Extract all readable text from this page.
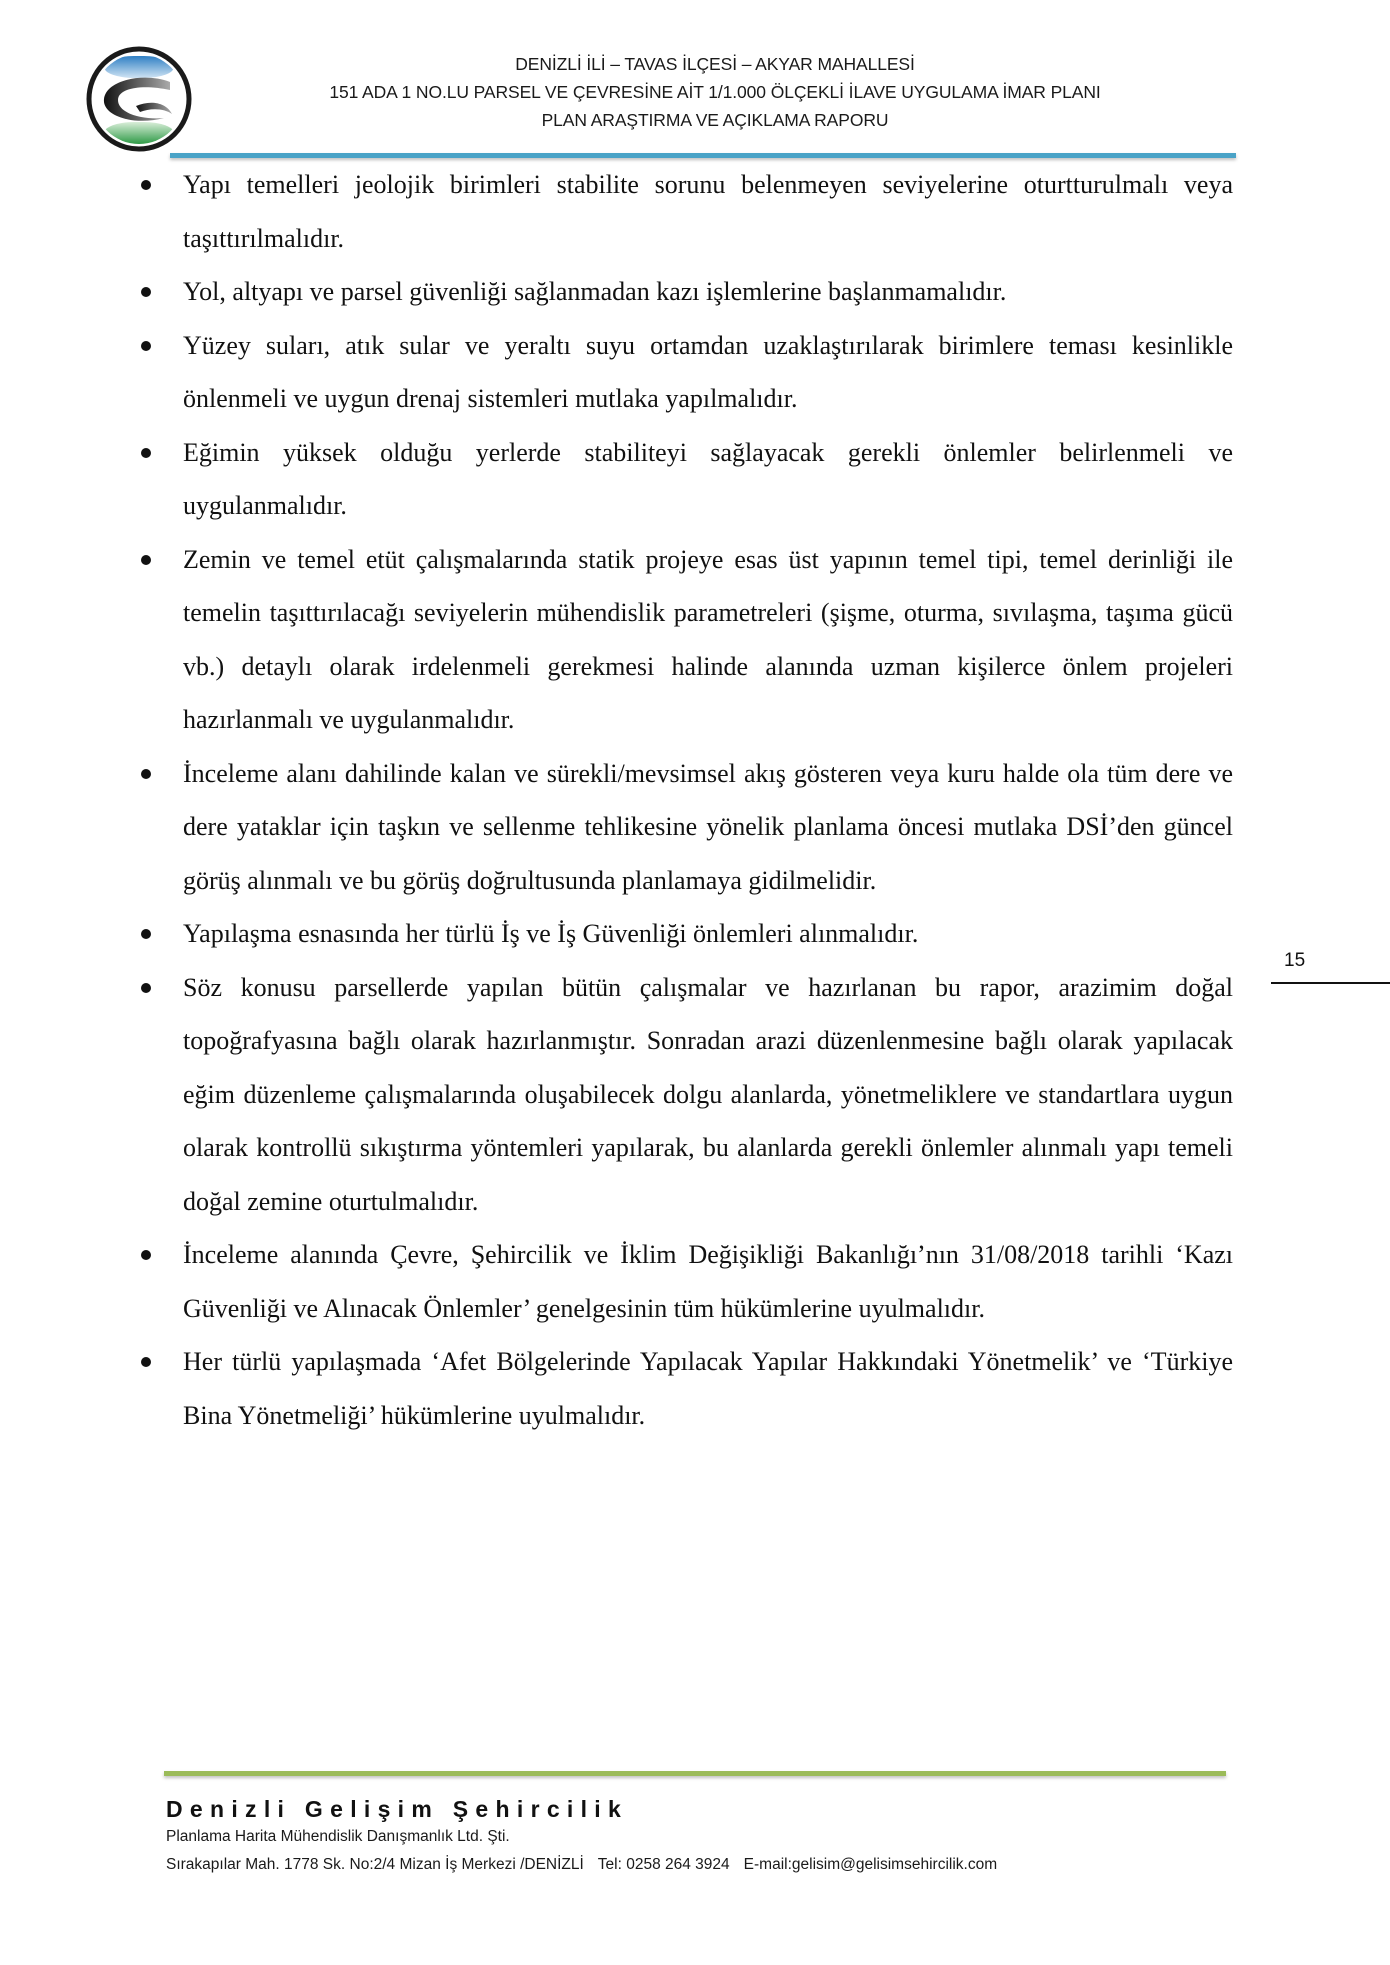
DENİZLİ İLİ – TAVAS İLÇESİ – AKYAR MAHALLESİ
151 ADA 1 NO.LU PARSEL VE ÇEVRESİNE AİT 1/1.000 ÖLÇEKLİ İLAVE UYGULAMA İMAR PLANI
PLAN ARAŞTIRMA VE AÇIKLAMA RAPORU
Yapı temelleri jeolojik birimleri stabilite sorunu belenmeyen seviyelerine oturtturulmalı veya taşıttırılmalıdır.
Yol, altyapı ve parsel güvenliği sağlanmadan kazı işlemlerine başlanmamalıdır.
Yüzey suları, atık sular ve yeraltı suyu ortamdan uzaklaştırılarak birimlere teması kesinlikle önlenmeli ve uygun drenaj sistemleri mutlaka yapılmalıdır.
Eğimin yüksek olduğu yerlerde stabiliteyi sağlayacak gerekli önlemler belirlenmeli ve uygulanmalıdır.
Zemin ve temel etüt çalışmalarında statik projeye esas üst yapının temel tipi, temel derinliği ile temelin taşıttırılacağı seviyelerin mühendislik parametreleri (şişme, oturma, sıvılaşma, taşıma gücü vb.) detaylı olarak irdelenmeli gerekmesi halinde alanında uzman kişilerce önlem projeleri hazırlanmalı ve uygulanmalıdır.
İnceleme alanı dahilinde kalan ve sürekli/mevsimsel akış gösteren veya kuru halde ola tüm dere ve dere yataklar için taşkın ve sellenme tehlikesine yönelik planlama öncesi mutlaka DSİ’den güncel görüş alınmalı ve bu görüş doğrultusunda planlamaya gidilmelidir.
Yapılaşma esnasında her türlü İş ve İş Güvenliği önlemleri alınmalıdır.
Söz konusu parsellerde yapılan bütün çalışmalar ve hazırlanan bu rapor, arazimim doğal topoğrafyasına bağlı olarak hazırlanmıştır. Sonradan arazi düzenlenmesine bağlı olarak yapılacak eğim düzenleme çalışmalarında oluşabilecek dolgu alanlarda, yönetmeliklere ve standartlara uygun olarak kontrollü sıkıştırma yöntemleri yapılarak, bu alanlarda gerekli önlemler alınmalı yapı temeli doğal zemine oturtulmalıdır.
İnceleme alanında Çevre, Şehircilik ve İklim Değişikliği Bakanlığı’nın 31/08/2018 tarihli ‘Kazı Güvenliği ve Alınacak Önlemler’ genelgesinin tüm hükümlerine uyulmalıdır.
Her türlü yapılaşmada ‘Afet Bölgelerinde Yapılacak Yapılar Hakkındaki Yönetmelik’ ve ‘Türkiye Bina Yönetmeliği’ hükümlerine uyulmalıdır.
15
Denizli Gelişim Şehircilik
Planlama Harita Mühendislik Danışmanlık Ltd. Şti.
Sırakapılar Mah. 1778 Sk. No:2/4 Mizan İş Merkezi /DENİZLİ Tel: 0258 264 3924 E-mail:gelisim@gelisimsehircilik.com
